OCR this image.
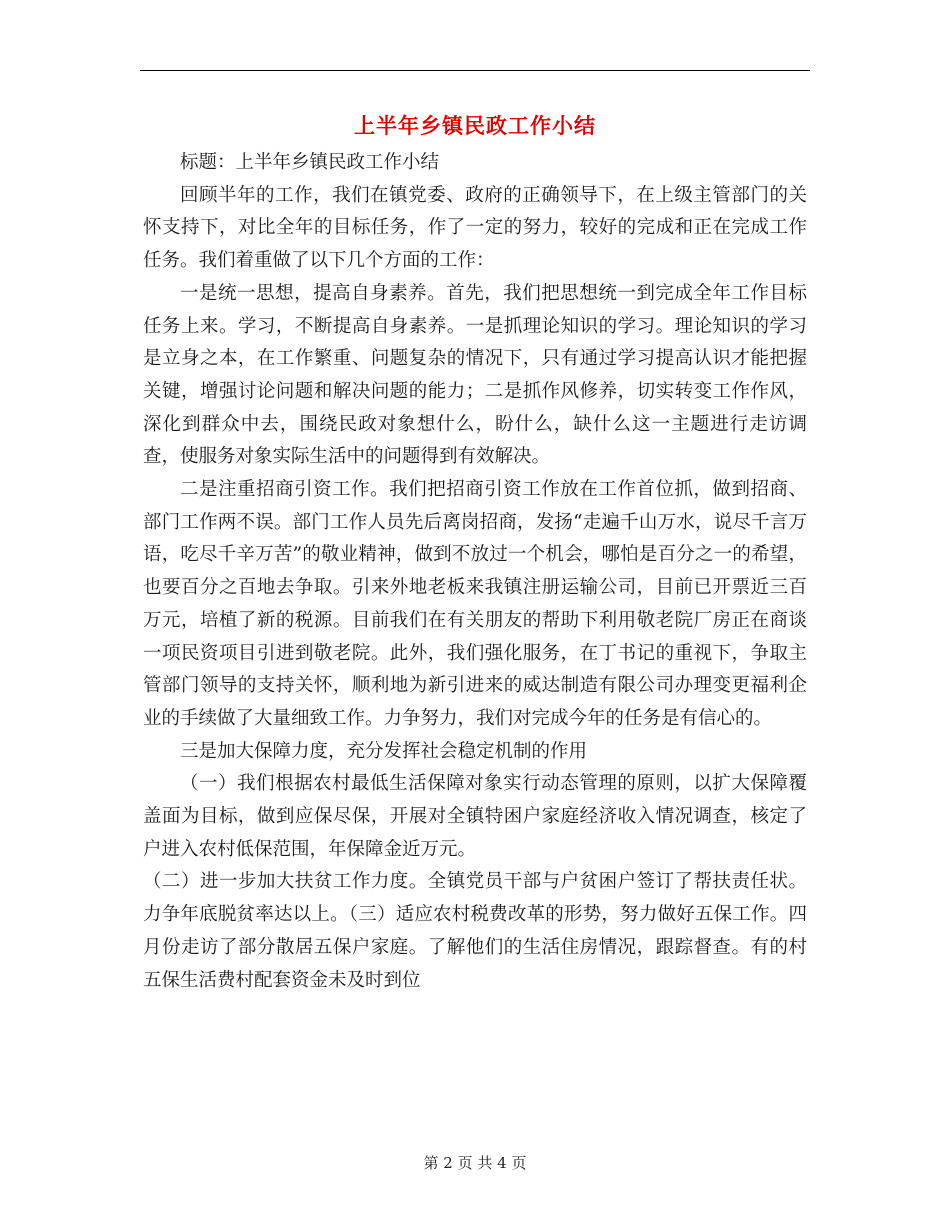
上半年乡镇民政工作小结

标题：上半年乡镇民政工作小结

回顾半年的工作，我们在镇党委、政府的正确领导下，在上级主管部门的关怀支持下，对比全年的目标任务，作了一定的努力，较好的完成和正在完成工作任务。我们着重做了以下几个方面的工作：

一是统一思想，提高自身素养。首先，我们把思想统一到完成全年工作目标任务上来。学习，不断提高自身素养。一是抓理论知识的学习。理论知识的学习是立身之本，在工作繁重、问题复杂的情况下，只有通过学习提高认识才能把握关键，增强讨论问题和解决问题的能力；二是抓作风修养，切实转变工作作风，深化到群众中去，围绕民政对象想什么，盼什么，缺什么这一主题进行走访调查，使服务对象实际生活中的问题得到有效解决。

二是注重招商引资工作。我们把招商引资工作放在工作首位抓，做到招商、部门工作两不误。部门工作人员先后离岗招商，发扬“走遍千山万水，说尽千言万语，吃尽千辛万苦”的敬业精神，做到不放过一个机会，哪怕是百分之一的希望，也要百分之百地去争取。引来外地老板来我镇注册运输公司，目前已开票近三百万元，培植了新的税源。目前我们在有关朋友的帮助下利用敬老院厂房正在商谈一项民资项目引进到敬老院。此外，我们强化服务，在丁书记的重视下，争取主管部门领导的支持关怀，顺利地为新引进来的威达制造有限公司办理变更福利企业的手续做了大量细致工作。力争努力，我们对完成今年的任务是有信心的。

三是加大保障力度，充分发挥社会稳定机制的作用

（一）我们根据农村最低生活保障对象实行动态管理的原则，以扩大保障覆盖面为目标，做到应保尽保，开展对全镇特困户家庭经济收入情况调查，核定了户进入农村低保范围，年保障金近万元。

（二）进一步加大扶贫工作力度。全镇党员干部与户贫困户签订了帮扶责任状。力争年底脱贫率达以上。（三）适应农村税费改革的形势，努力做好五保工作。四月份走访了部分散居五保户家庭。了解他们的生活住房情况，跟踪督查。有的村五保生活费村配套资金未及时到位

第 2 页 共 4 页
